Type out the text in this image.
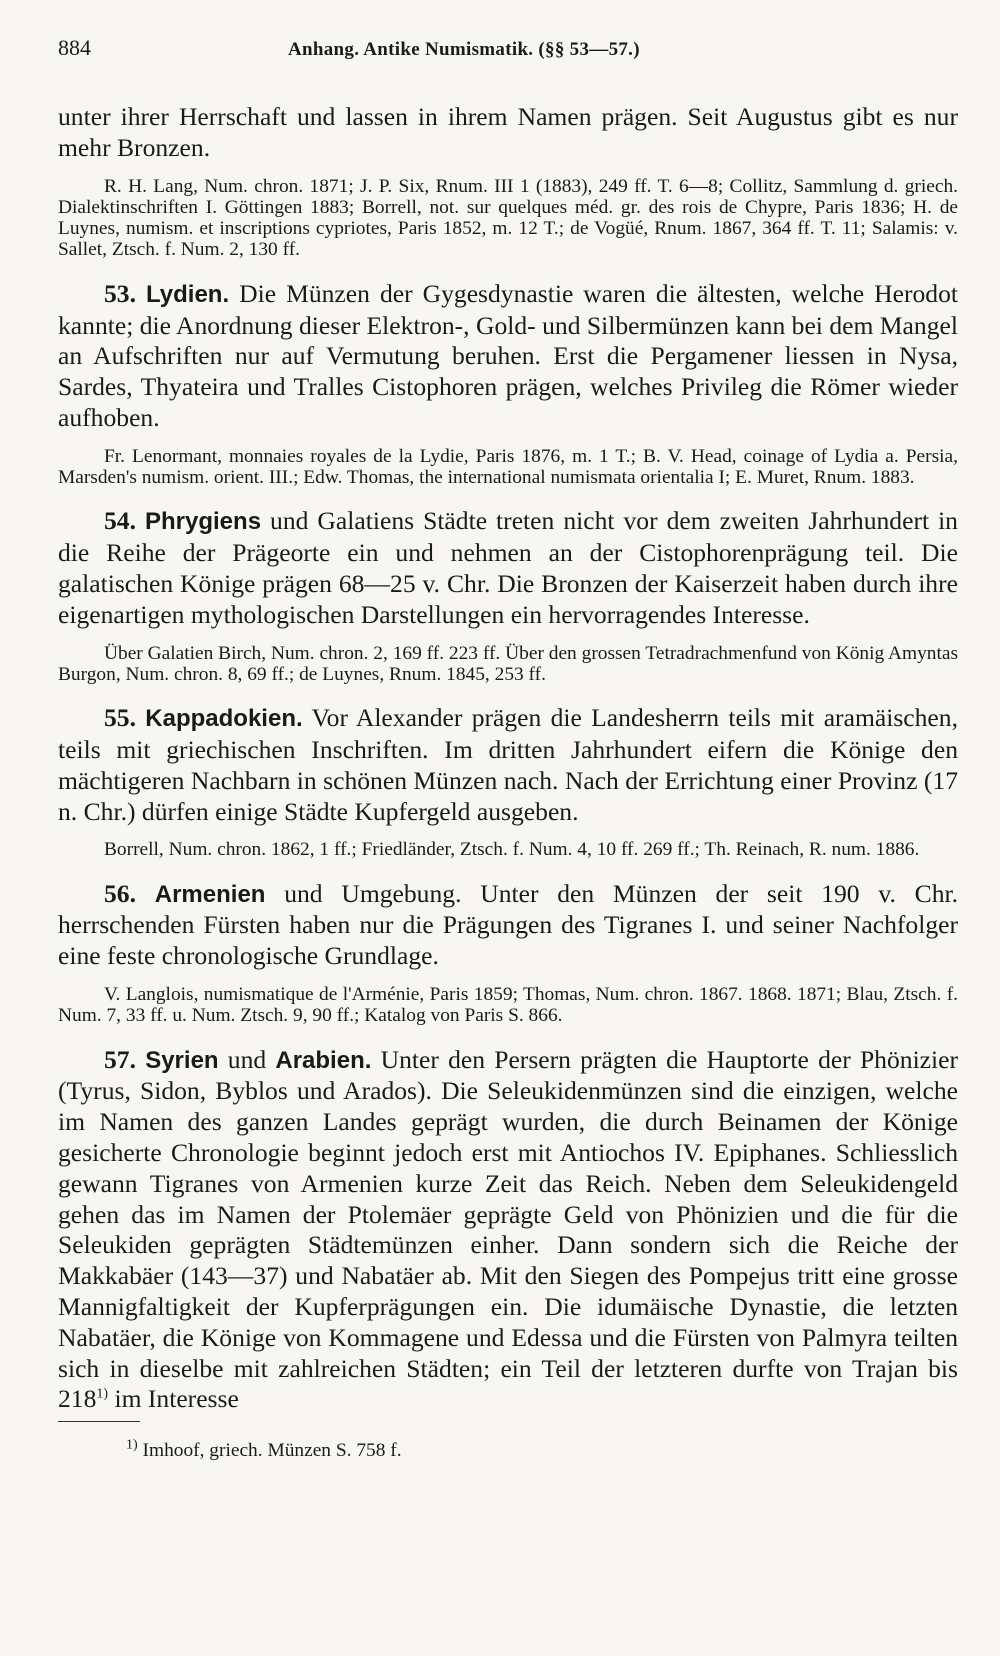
884	Anhang. Antike Numismatik. (§§ 53—57.)

unter ihrer Herrschaft und lassen in ihrem Namen prägen. Seit Augustus gibt es nur mehr Bronzen.

R. H. Lang, Num. chron. 1871; J. P. Six, Rnum. III 1 (1883), 249 ff. T. 6—8; Collitz, Sammlung d. griech. Dialektinschriften I. Göttingen 1883; Borrell, not. sur quelques méd. gr. des rois de Chypre, Paris 1836; H. de Luynes, numism. et inscriptions cypriotes, Paris 1852, m. 12 T.; de Vogüé, Rnum. 1867, 364 ff. T. 11; Salamis: v. Sallet, Ztsch. f. Num. 2, 130 ff.

53. Lydien. Die Münzen der Gygesdynastie waren die ältesten, welche Herodot kannte; die Anordnung dieser Elektron-, Gold- und Silbermünzen kann bei dem Mangel an Aufschriften nur auf Vermutung beruhen. Erst die Pergamener liessen in Nysa, Sardes, Thyateira und Tralles Cistophoren prägen, welches Privileg die Römer wieder aufhoben.

Fr. Lenormant, monnaies royales de la Lydie, Paris 1876, m. 1 T.; B. V. Head, coinage of Lydia a. Persia, Marsden's numism. orient. III.; Edw. Thomas, the international numismata orientalia I; E. Muret, Rnum. 1883.

54. Phrygiens und Galatiens Städte treten nicht vor dem zweiten Jahrhundert in die Reihe der Prägeorte ein und nehmen an der Cistophorenprägung teil. Die galatischen Könige prägen 68—25 v. Chr. Die Bronzen der Kaiserzeit haben durch ihre eigenartigen mythologischen Darstellungen ein hervorragendes Interesse.

Über Galatien Birch, Num. chron. 2, 169 ff. 223 ff. Über den grossen Tetradrachmenfund von König Amyntas Burgon, Num. chron. 8, 69 ff.; de Luynes, Rnum. 1845, 253 ff.

55. Kappadokien. Vor Alexander prägen die Landesherrn teils mit aramäischen, teils mit griechischen Inschriften. Im dritten Jahrhundert eifern die Könige den mächtigeren Nachbarn in schönen Münzen nach. Nach der Errichtung einer Provinz (17 n. Chr.) dürfen einige Städte Kupfergeld ausgeben.

Borrell, Num. chron. 1862, 1 ff.; Friedländer, Ztsch. f. Num. 4, 10 ff. 269 ff.; Th. Reinach, R. num. 1886.

56. Armenien und Umgebung. Unter den Münzen der seit 190 v. Chr. herrschenden Fürsten haben nur die Prägungen des Tigranes I. und seiner Nachfolger eine feste chronologische Grundlage.

V. Langlois, numismatique de l'Arménie, Paris 1859; Thomas, Num. chron. 1867. 1868. 1871; Blau, Ztsch. f. Num. 7, 33 ff. u. Num. Ztsch. 9, 90 ff.; Katalog von Paris S. 866.

57. Syrien und Arabien. Unter den Persern prägten die Hauptorte der Phönizier (Tyrus, Sidon, Byblos und Arados). Die Seleukidenmünzen sind die einzigen, welche im Namen des ganzen Landes geprägt wurden, die durch Beinamen der Könige gesicherte Chronologie beginnt jedoch erst mit Antiochos IV. Epiphanes. Schliesslich gewann Tigranes von Armenien kurze Zeit das Reich. Neben dem Seleukidengeld gehen das im Namen der Ptolemäer geprägte Geld von Phönizien und die für die Seleukiden geprägten Städtemünzen einher. Dann sondern sich die Reiche der Makkabäer (143—37) und Nabatäer ab. Mit den Siegen des Pompejus tritt eine grosse Mannigfaltigkeit der Kupferprägungen ein. Die idumäische Dynastie, die letzten Nabatäer, die Könige von Kommagene und Edessa und die Fürsten von Palmyra teilten sich in dieselbe mit zahlreichen Städten; ein Teil der letzteren durfte von Trajan bis 218$^{1)}$ im Interesse

$^{1)}$ Imhoof, griech. Münzen S. 758 f.
